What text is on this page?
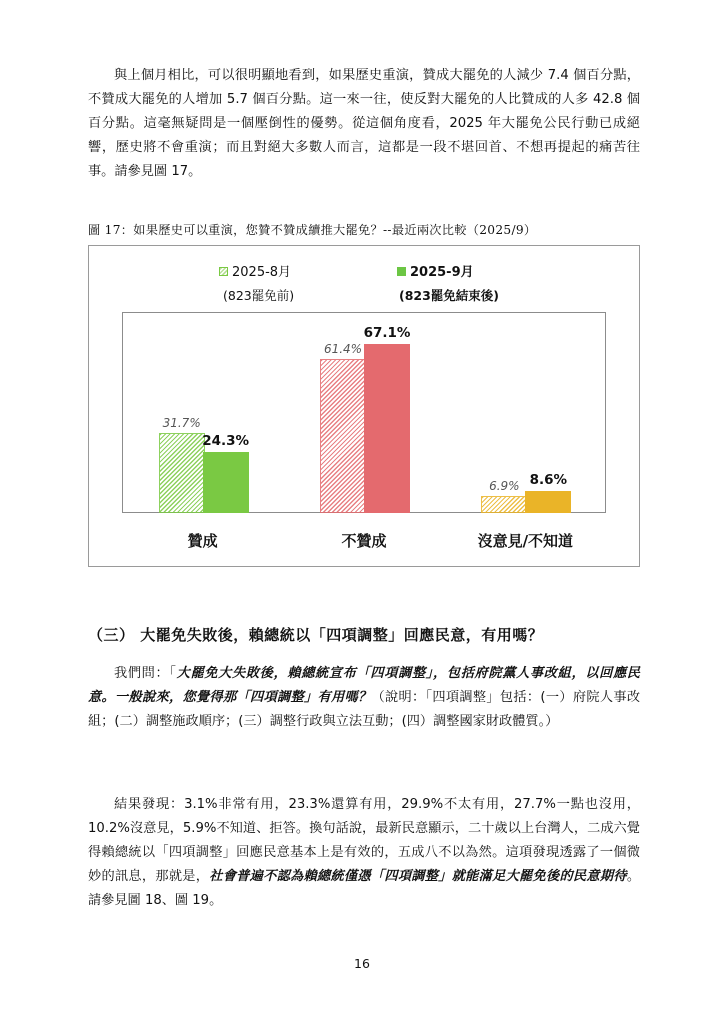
與上個月相比，可以很明顯地看到，如果歷史重演，贊成大罷免的人減少 7.4 個百分點，不贊成大罷免的人增加 5.7 個百分點。這一來一往，使反對大罷免的人比贊成的人多 42.8 個百分點。這毫無疑問是一個壓倒性的優勢。從這個角度看，2025 年大罷免公民行動已成絕響，歷史將不會重演；而且對絕大多數人而言，這都是一段不堪回首、不想再提起的痛苦往事。請參見圖 17。

圖 17：如果歷史可以重演，您贊不贊成續推大罷免？--最近兩次比較（2025/9）
2025-8月
(823罷免前)
2025-9月
(823罷免結束後)
31.7%
24.3%
61.4%
67.1%
6.9% 8.6%
贊成	不贊成	沒意見/不知道
（三） 大罷免失敗後，賴總統以「四項調整」回應民意，有用嗎？

我們問：「大罷免大失敗後，賴總統宣布「四項調整」，包括府院黨人事改組，以回應民意。一般說來，您覺得那「四項調整」有用嗎？（說明：「四項調整」包括：(一）府院人事改組；(二）調整施政順序；(三）調整行政與立法互動；(四）調整國家財政體質。）

結果發現：3.1%非常有用，23.3%還算有用，29.9%不太有用，27.7%一點也沒用，10.2%沒意見，5.9%不知道、拒答。換句話說，最新民意顯示，二十歲以上台灣人，二成六覺得賴總統以「四項調整」回應民意基本上是有效的，五成八不以為然。這項發現透露了一個微妙的訊息，那就是，社會普遍不認為賴總統僅憑「四項調整」就能滿足大罷免後的民意期待。請參見圖 18、圖 19。

16
